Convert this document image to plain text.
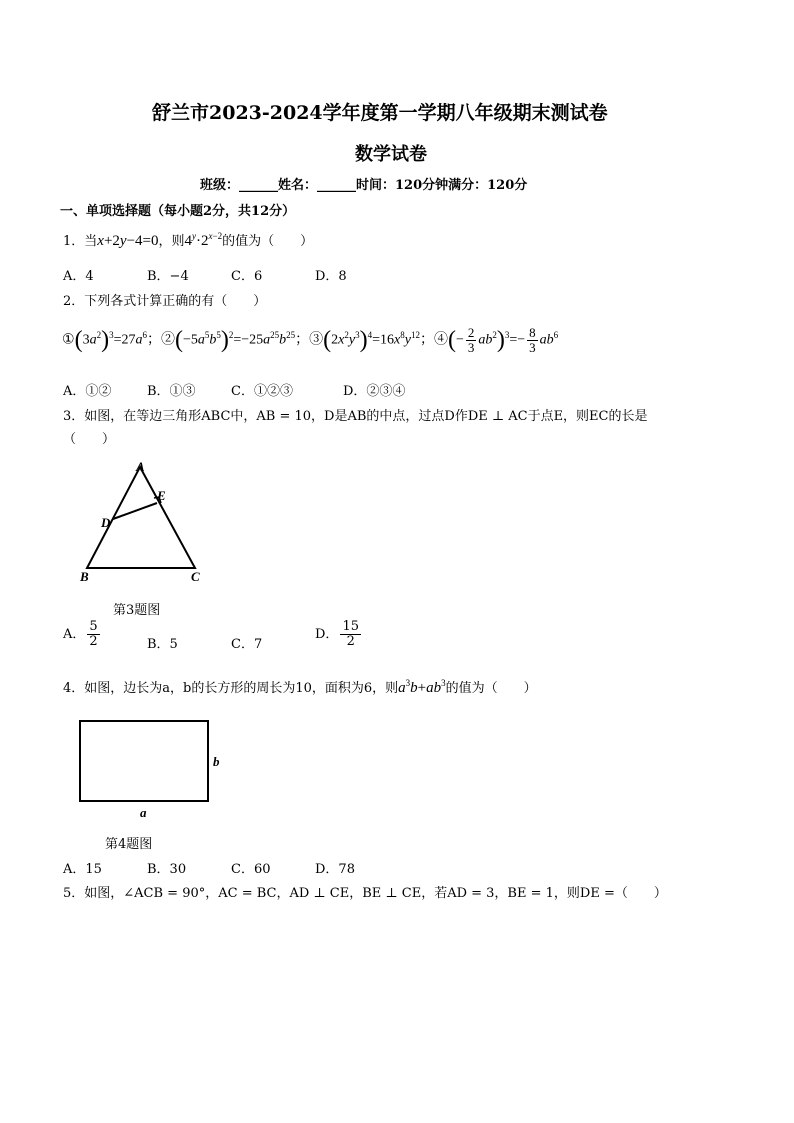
舒兰市2023-2024学年度第一学期八年级期末测试卷
数学试卷
班级：______姓名：______时间：120分钟满分：120分
一、单项选择题（每小题2分，共12分）
1．当x+2y−4=0，则$4^y\cdot 2^{x-2}$的值为（　　）
A．4	B．−4	C．6	D．8
2．下列各式计算正确的有（　　）
$①(3a^2)^3=27a^6$；$②(-5a^5b^5)^2=-25a^{25}b^{25}$；$③(2x^2y^3)^4=16x^8y^{12}$；④(− $\frac{2}{3} ab^2)^3=- \frac{8}{3} ab^6$
A．①②	B．①③	C．①②③	D．②③④
3．如图，在等边三角形ABC中，AB = 10，D是AB的中点，过点D作DE ⊥ AC于点E，则EC的长是
（　　）
A
E
D
B	C
第3题图
A． $\frac{5}{2}$	B．5	C．7
D． $\frac{15}{2}$
4．如图，边长为a，b的长方形的周长为10，面积为6，则$a^3b+ab^3$的值为（　　）
b
a
第4题图
A．15	B．30	C．60	D．78
5．如图，∠ACB = 90°，AC = BC，AD ⊥ CE，BE ⊥ CE，若AD = 3，BE = 1，则DE =（　　）
